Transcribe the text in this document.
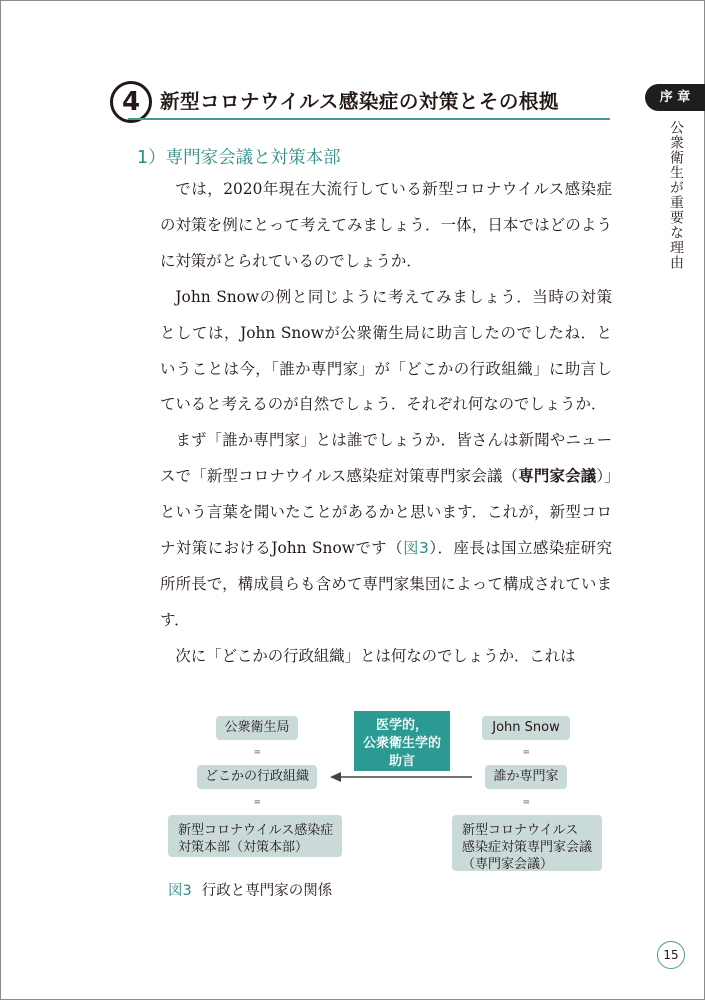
4	新型コロナウイルス感染症の対策とその根拠	序 章
公衆衛生が重要な理由
1）専門家会議と対策本部

では，2020年現在大流行している新型コロナウイルス感染症の対策を例にとって考えてみましょう．一体，日本ではどのように対策がとられているのでしょうか．

John Snowの例と同じように考えてみましょう．当時の対策としては，John Snowが公衆衛生局に助言したのでしたね．ということは今，「誰か専門家」が「どこかの行政組織」に助言していると考えるのが自然でしょう．それぞれ何なのでしょうか．

まず「誰か専門家」とは誰でしょうか．皆さんは新聞やニュースで「新型コロナウイルス感染症対策専門家会議（専門家会議）」という言葉を聞いたことがあるかと思います．これが，新型コロナ対策におけるJohn Snowです（図3）．座長は国立感染症研究所所長で，構成員らも含めて専門家集団によって構成されています．

次に「どこかの行政組織」とは何なのでしょうか．これは

公衆衛生局
॥
どこかの行政組織
॥
新型コロナウイルス感染症
対策本部（対策本部）
医学的，
公衆衛生学的
助言
John Snow
॥
誰か専門家
॥
新型コロナウイルス
感染症対策専門家会議
（専門家会議）
図3 行政と専門家の関係
15
